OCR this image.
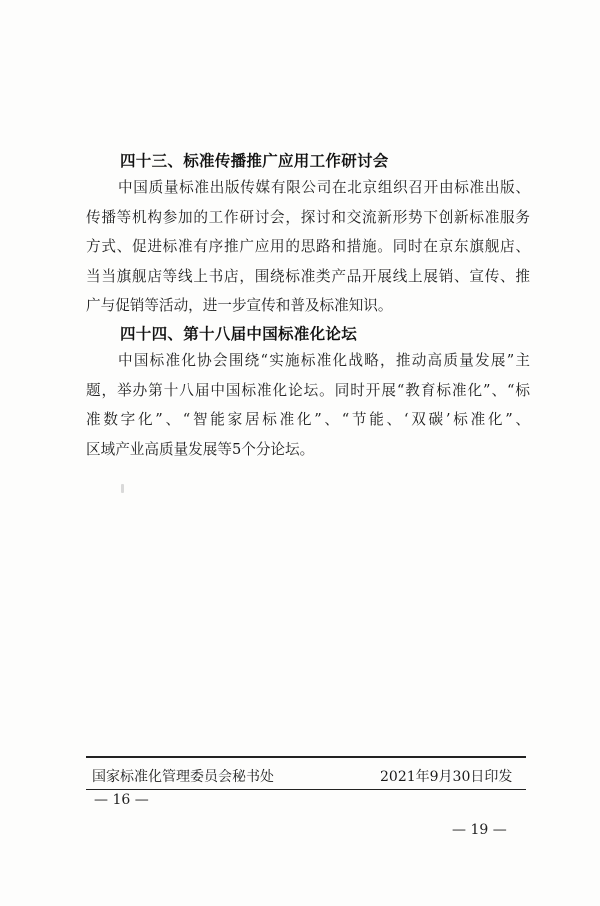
四十三、标准传播推广应用工作研讨会
中国质量标准出版传媒有限公司在北京组织召开由标准出版、
传播等机构参加的工作研讨会，探讨和交流新形势下创新标准服务
方式、促进标准有序推广应用的思路和措施。同时在京东旗舰店、
当当旗舰店等线上书店，围绕标准类产品开展线上展销、宣传、推
广与促销等活动，进一步宣传和普及标准知识。
四十四、第十八届中国标准化论坛
中国标准化协会围绕“实施标准化战略，推动高质量发展”主
题，举办第十八届中国标准化论坛。同时开展“教育标准化”、“标
准数字化”、“智能家居标准化”、“节能、‘双碳’标准化”、
区域产业高质量发展等5个分论坛。
国家标准化管理委员会秘书处	2021年9月30日印发
— 16 —
— 19 —
